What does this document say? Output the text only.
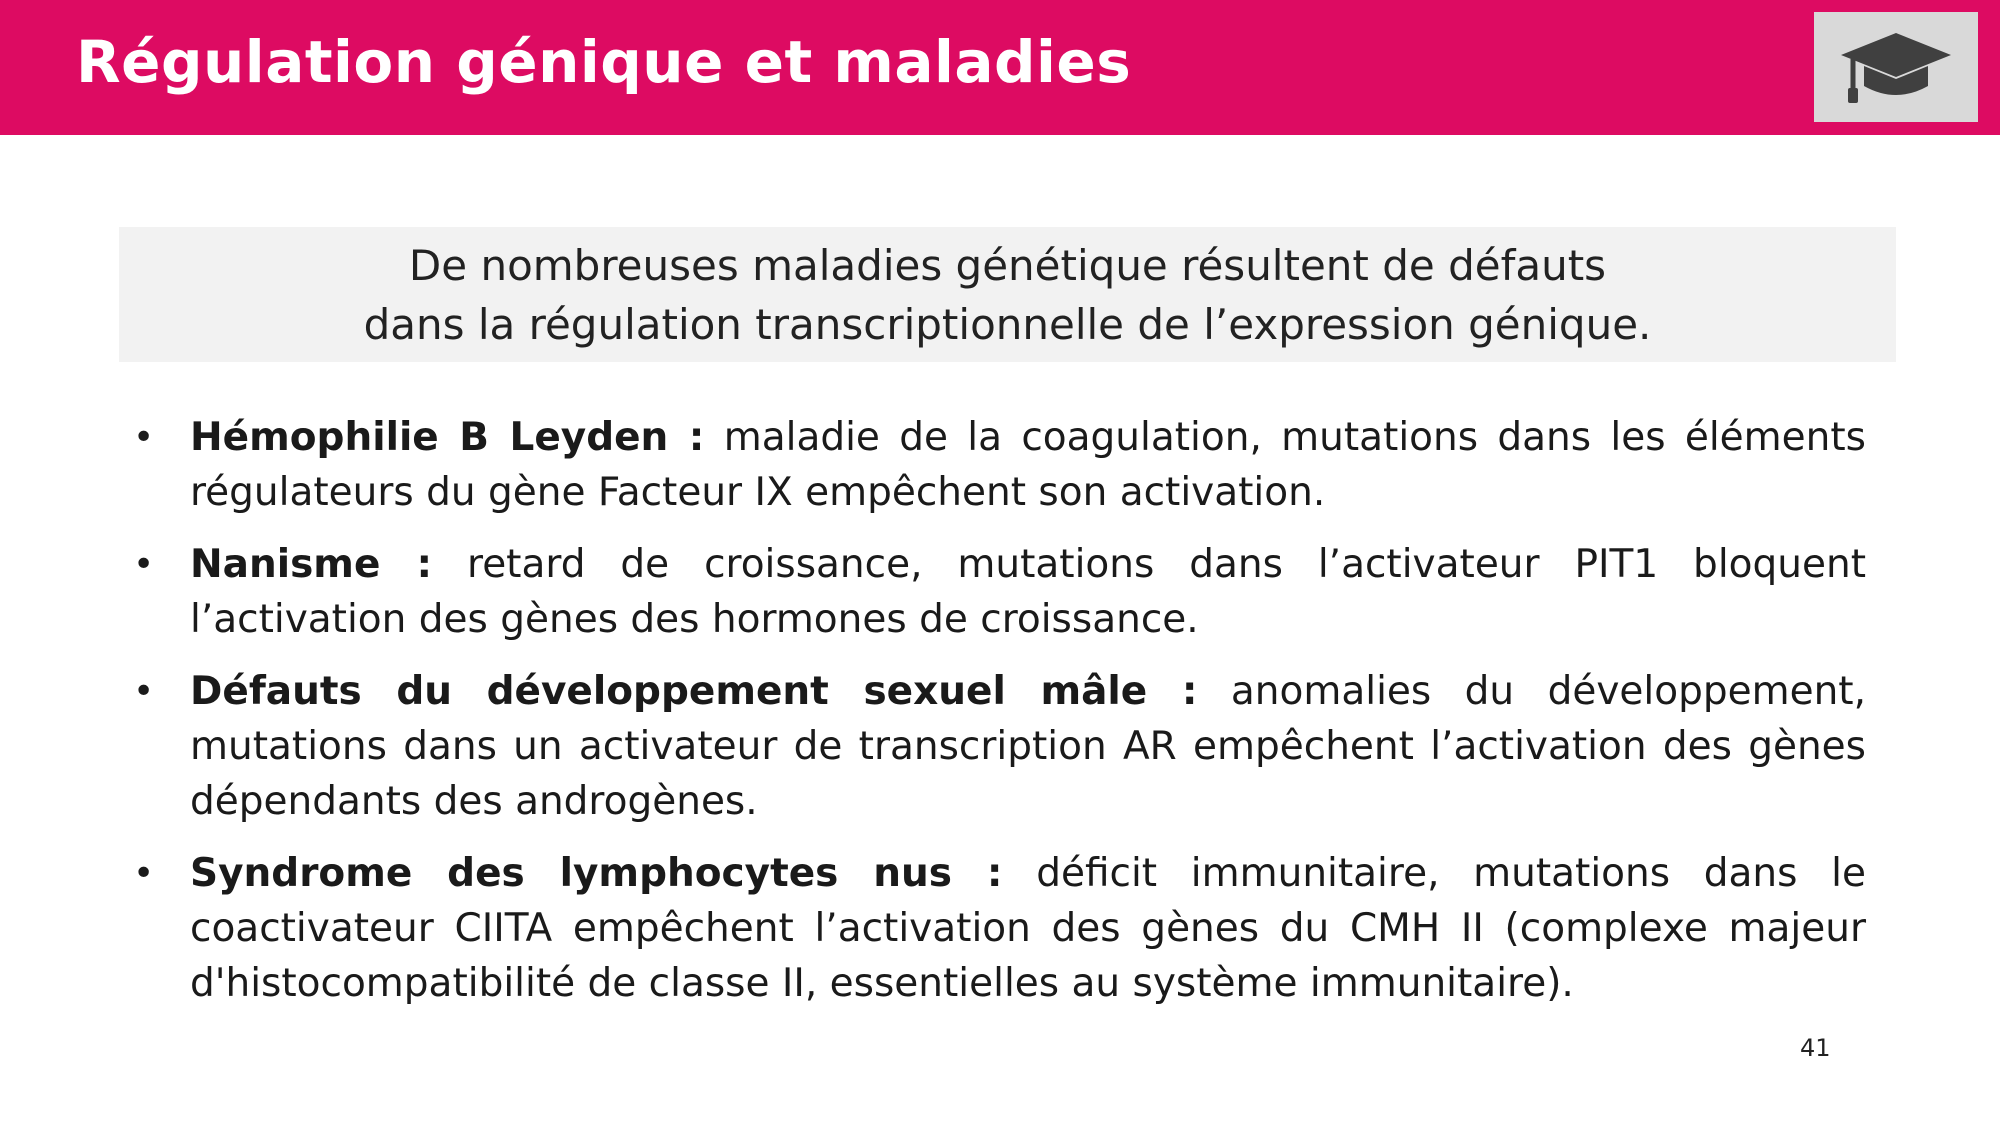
Régulation génique et maladies
De nombreuses maladies génétique résultent de défauts
dans la régulation transcriptionnelle de l’expression génique.
• Hémophilie B Leyden : maladie de la coagulation, mutations dans les éléments régulateurs du gène Facteur IX empêchent son activation.
• Nanisme : retard de croissance, mutations dans l’activateur PIT1 bloquent l’activation des gènes des hormones de croissance.
• Défauts du développement sexuel mâle : anomalies du développement, mutations dans un activateur de transcription AR empêchent l’activation des gènes dépendants des androgènes.
• Syndrome des lymphocytes nus : déficit immunitaire, mutations dans le coactivateur CIITA empêchent l’activation des gènes du CMH II (complexe majeur d'histocompatibilité de classe II, essentielles au système immunitaire).
41
